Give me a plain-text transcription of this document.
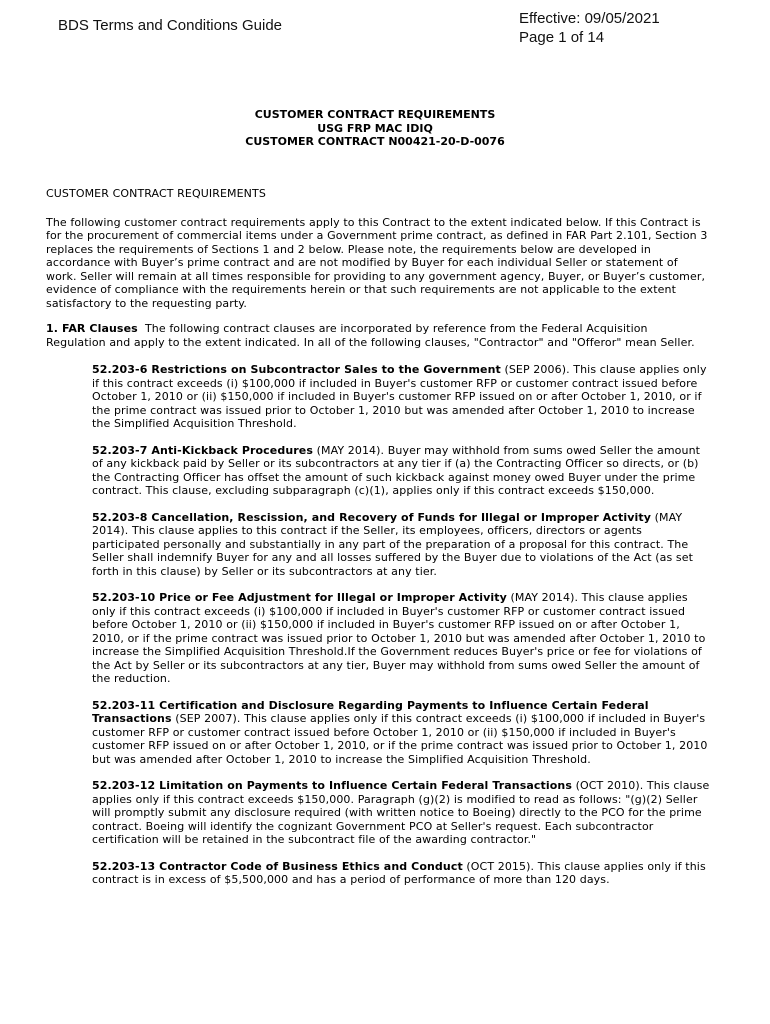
BDS Terms and Conditions Guide	Effective: 09/05/2021
Page 1 of 14
CUSTOMER CONTRACT REQUIREMENTS
USG FRP MAC IDIQ
CUSTOMER CONTRACT N00421-20-D-0076

CUSTOMER CONTRACT REQUIREMENTS

The following customer contract requirements apply to this Contract to the extent indicated below. If this Contract is for the procurement of commercial items under a Government prime contract, as defined in FAR Part 2.101, Section 3 replaces the requirements of Sections 1 and 2 below. Please note, the requirements below are developed in accordance with Buyer’s prime contract and are not modified by Buyer for each individual Seller or statement of work. Seller will remain at all times responsible for providing to any government agency, Buyer, or Buyer’s customer, evidence of compliance with the requirements herein or that such requirements are not applicable to the extent satisfactory to the requesting party.

1. FAR Clauses The following contract clauses are incorporated by reference from the Federal Acquisition Regulation and apply to the extent indicated. In all of the following clauses, "Contractor" and "Offeror" mean Seller.

52.203-6 Restrictions on Subcontractor Sales to the Government (SEP 2006). This clause applies only if this contract exceeds (i) $100,000 if included in Buyer's customer RFP or customer contract issued before October 1, 2010 or (ii) $150,000 if included in Buyer's customer RFP issued on or after October 1, 2010, or if the prime contract was issued prior to October 1, 2010 but was amended after October 1, 2010 to increase the Simplified Acquisition Threshold.
52.203-7 Anti-Kickback Procedures (MAY 2014). Buyer may withhold from sums owed Seller the amount of any kickback paid by Seller or its subcontractors at any tier if (a) the Contracting Officer so directs, or (b) the Contracting Officer has offset the amount of such kickback against money owed Buyer under the prime contract. This clause, excluding subparagraph (c)(1), applies only if this contract exceeds $150,000.
52.203-8 Cancellation, Rescission, and Recovery of Funds for Illegal or Improper Activity (MAY 2014). This clause applies to this contract if the Seller, its employees, officers, directors or agents participated personally and substantially in any part of the preparation of a proposal for this contract. The Seller shall indemnify Buyer for any and all losses suffered by the Buyer due to violations of the Act (as set forth in this clause) by Seller or its subcontractors at any tier.
52.203-10 Price or Fee Adjustment for Illegal or Improper Activity (MAY 2014). This clause applies only if this contract exceeds (i) $100,000 if included in Buyer's customer RFP or customer contract issued before October 1, 2010 or (ii) $150,000 if included in Buyer's customer RFP issued on or after October 1, 2010, or if the prime contract was issued prior to October 1, 2010 but was amended after October 1, 2010 to increase the Simplified Acquisition Threshold.If the Government reduces Buyer's price or fee for violations of the Act by Seller or its subcontractors at any tier, Buyer may withhold from sums owed Seller the amount of the reduction.
52.203-11 Certification and Disclosure Regarding Payments to Influence Certain Federal Transactions (SEP 2007). This clause applies only if this contract exceeds (i) $100,000 if included in Buyer's customer RFP or customer contract issued before October 1, 2010 or (ii) $150,000 if included in Buyer's customer RFP issued on or after October 1, 2010, or if the prime contract was issued prior to October 1, 2010 but was amended after October 1, 2010 to increase the Simplified Acquisition Threshold.
52.203-12 Limitation on Payments to Influence Certain Federal Transactions (OCT 2010). This clause applies only if this contract exceeds $150,000. Paragraph (g)(2) is modified to read as follows: "(g)(2) Seller will promptly submit any disclosure required (with written notice to Boeing) directly to the PCO for the prime contract. Boeing will identify the cognizant Government PCO at Seller's request. Each subcontractor certification will be retained in the subcontract file of the awarding contractor."
52.203-13 Contractor Code of Business Ethics and Conduct (OCT 2015). This clause applies only if this contract is in excess of $5,500,000 and has a period of performance of more than 120 days.
